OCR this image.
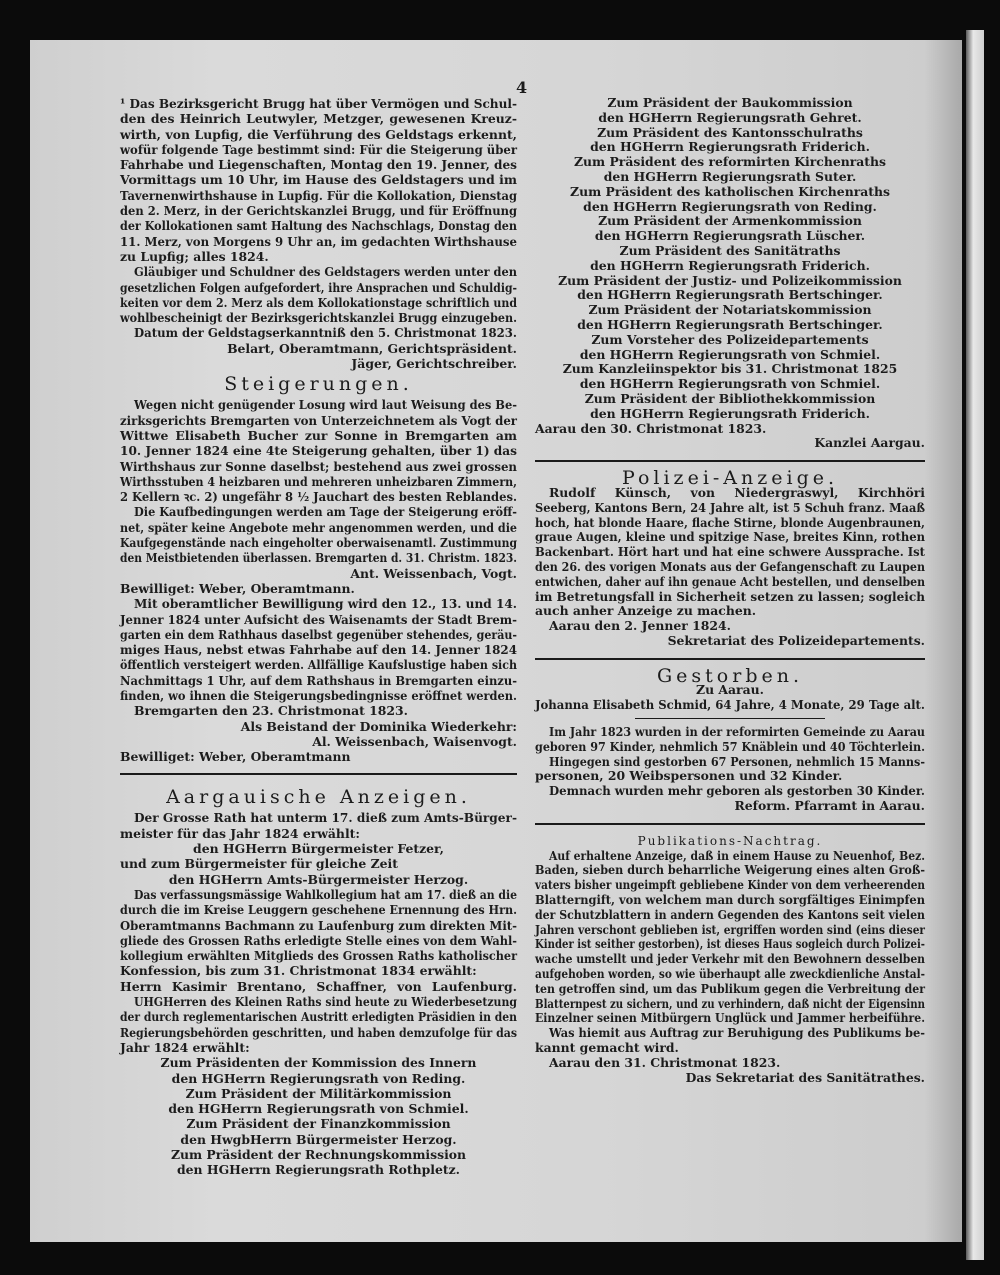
4
¹ Das Bezirksgericht Brugg hat über Vermögen und Schul-
den des Heinrich Leutwyler, Metzger, gewesenen Kreuz-
wirth, von Lupfig, die Verführung des Geldstags erkennt,
wofür folgende Tage bestimmt sind: Für die Steigerung über
Fahrhabe und Liegenschaften, Montag den 19. Jenner, des
Vormittags um 10 Uhr, im Hause des Geldstagers und im
Tavernenwirthshause in Lupfig. Für die Kollokation, Dienstag
den 2. Merz, in der Gerichtskanzlei Brugg, und für Eröffnung
der Kollokationen samt Haltung des Nachschlags, Donstag den
11. Merz, von Morgens 9 Uhr an, im gedachten Wirthshause
zu Lupfig; alles 1824.
Gläubiger und Schuldner des Geldstagers werden unter den
gesetzlichen Folgen aufgefordert, ihre Ansprachen und Schuldig-
keiten vor dem 2. Merz als dem Kollokationstage schriftlich und
wohlbescheinigt der Bezirksgerichtskanzlei Brugg einzugeben.
Datum der Geldstagserkanntniß den 5. Christmonat 1823.
Belart, Oberamtmann, Gerichtspräsident.
Jäger, Gerichtschreiber.
Steigerungen.
Wegen nicht genügender Losung wird laut Weisung des Be-
zirksgerichts Bremgarten von Unterzeichnetem als Vogt der
Wittwe Elisabeth Bucher zur Sonne in Bremgarten am
10. Jenner 1824 eine 4te Steigerung gehalten, über 1) das
Wirthshaus zur Sonne daselbst; bestehend aus zwei grossen
Wirthsstuben 4 heizbaren und mehreren unheizbaren Zimmern,
2 Kellern ꝛc. 2) ungefähr 8 ½ Jauchart des besten Reblandes.
Die Kaufbedingungen werden am Tage der Steigerung eröff-
net, später keine Angebote mehr angenommen werden, und die
Kaufgegenstände nach eingeholter oberwaisenamtl. Zustimmung
den Meistbietenden überlassen. Bremgarten d. 31. Christm. 1823.
Ant. Weissenbach, Vogt.
Bewilliget: Weber, Oberamtmann.
Mit oberamtlicher Bewilligung wird den 12., 13. und 14.
Jenner 1824 unter Aufsicht des Waisenamts der Stadt Brem-
garten ein dem Rathhaus daselbst gegenüber stehendes, geräu-
miges Haus, nebst etwas Fahrhabe auf den 14. Jenner 1824
öffentlich versteigert werden. Allfällige Kaufslustige haben sich
Nachmittags 1 Uhr, auf dem Rathshaus in Bremgarten einzu-
finden, wo ihnen die Steigerungsbedingnisse eröffnet werden.
Bremgarten den 23. Christmonat 1823.
Als Beistand der Dominika Wiederkehr:
Al. Weissenbach, Waisenvogt.
Bewilliget: Weber, Oberamtmann
Aargauische Anzeigen.
Der Grosse Rath hat unterm 17. dieß zum Amts-Bürger-
meister für das Jahr 1824 erwählt:
den HGHerrn Bürgermeister Fetzer,
und zum Bürgermeister für gleiche Zeit
den HGHerrn Amts-Bürgermeister Herzog.
Das verfassungsmässige Wahlkollegium hat am 17. dieß an die
durch die im Kreise Leuggern geschehene Ernennung des Hrn.
Oberamtmanns Bachmann zu Laufenburg zum direkten Mit-
gliede des Grossen Raths erledigte Stelle eines von dem Wahl-
kollegium erwählten Mitglieds des Grossen Raths katholischer
Konfession, bis zum 31. Christmonat 1834 erwählt:
Herrn Kasimir Brentano, Schaffner, von Laufenburg.
UHGHerren des Kleinen Raths sind heute zu Wiederbesetzung
der durch reglementarischen Austritt erledigten Präsidien in den
Regierungsbehörden geschritten, und haben demzufolge für das
Jahr 1824 erwählt:
Zum Präsidenten der Kommission des Innern
den HGHerrn Regierungsrath von Reding.
Zum Präsident der Militärkommission
den HGHerrn Regierungsrath von Schmiel.
Zum Präsident der Finanzkommission
den HwgbHerrn Bürgermeister Herzog.
Zum Präsident der Rechnungskommission
den HGHerrn Regierungsrath Rothpletz.
Zum Präsident der Baukommission
den HGHerrn Regierungsrath Gehret.
Zum Präsident des Kantonsschulraths
den HGHerrn Regierungsrath Friderich.
Zum Präsident des reformirten Kirchenraths
den HGHerrn Regierungsrath Suter.
Zum Präsident des katholischen Kirchenraths
den HGHerrn Regierungsrath von Reding.
Zum Präsident der Armenkommission
den HGHerrn Regierungsrath Lüscher.
Zum Präsident des Sanitätraths
den HGHerrn Regierungsrath Friderich.
Zum Präsident der Justiz- und Polizeikommission
den HGHerrn Regierungsrath Bertschinger.
Zum Präsident der Notariatskommission
den HGHerrn Regierungsrath Bertschinger.
Zum Vorsteher des Polizeidepartements
den HGHerrn Regierungsrath von Schmiel.
Zum Kanzleiinspektor bis 31. Christmonat 1825
den HGHerrn Regierungsrath von Schmiel.
Zum Präsident der Bibliothekkommission
den HGHerrn Regierungsrath Friderich.
Aarau den 30. Christmonat 1823.
Kanzlei Aargau.
Polizei-Anzeige.
Rudolf Künsch, von Niedergraswyl, Kirchhöri
Seeberg, Kantons Bern, 24 Jahre alt, ist 5 Schuh franz. Maaß
hoch, hat blonde Haare, flache Stirne, blonde Augenbraunen,
graue Augen, kleine und spitzige Nase, breites Kinn, rothen
Backenbart. Hört hart und hat eine schwere Aussprache. Ist
den 26. des vorigen Monats aus der Gefangenschaft zu Laupen
entwichen, daher auf ihn genaue Acht bestellen, und denselben
im Betretungsfall in Sicherheit setzen zu lassen; sogleich
auch anher Anzeige zu machen.
Aarau den 2. Jenner 1824.
Sekretariat des Polizeidepartements.
Gestorben.
Zu Aarau.
Johanna Elisabeth Schmid, 64 Jahre, 4 Monate, 29 Tage alt.
Im Jahr 1823 wurden in der reformirten Gemeinde zu Aarau
geboren 97 Kinder, nehmlich 57 Knäblein und 40 Töchterlein.
Hingegen sind gestorben 67 Personen, nehmlich 15 Manns-
personen, 20 Weibspersonen und 32 Kinder.
Demnach wurden mehr geboren als gestorben 30 Kinder.
Reform. Pfarramt in Aarau.
Publikations-Nachtrag.
Auf erhaltene Anzeige, daß in einem Hause zu Neuenhof, Bez.
Baden, sieben durch beharrliche Weigerung eines alten Groß-
vaters bisher ungeimpft gebliebene Kinder von dem verheerenden
Blatterngift, von welchem man durch sorgfältiges Einimpfen
der Schutzblattern in andern Gegenden des Kantons seit vielen
Jahren verschont geblieben ist, ergriffen worden sind (eins dieser
Kinder ist seither gestorben), ist dieses Haus sogleich durch Polizei-
wache umstellt und jeder Verkehr mit den Bewohnern desselben
aufgehoben worden, so wie überhaupt alle zweckdienliche Anstal-
ten getroffen sind, um das Publikum gegen die Verbreitung der
Blatternpest zu sichern, und zu verhindern, daß nicht der Eigensinn
Einzelner seinen Mitbürgern Unglück und Jammer herbeiführe.
Was hiemit aus Auftrag zur Beruhigung des Publikums be-
kannt gemacht wird.
Aarau den 31. Christmonat 1823.
Das Sekretariat des Sanitätrathes.
